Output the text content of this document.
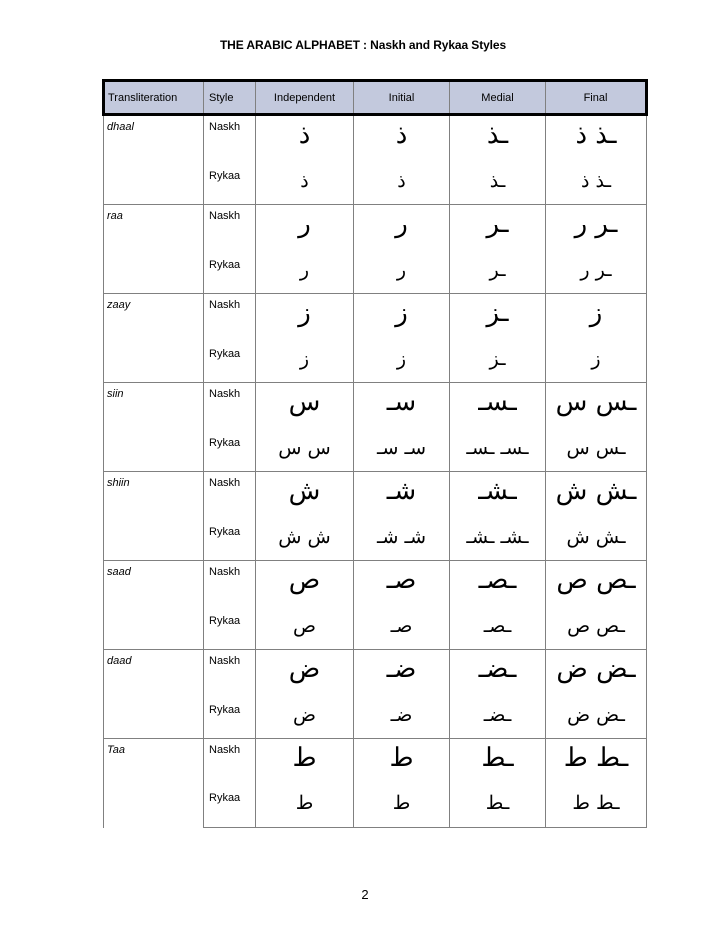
THE ARABIC ALPHABET : Naskh and Rykaa Styles
Transliteration	Style	Independent	Initial	Medial	Final
dhaal	Naskh	ذ	ذ	ـذ	ـذ ذ
	Rykaa	ذ	ذ	ـذ	ـذ ذ
raa	Naskh	ر	ر	ـر	ـر ر
	Rykaa	ر	ر	ـر	ـر ر
zaay	Naskh	ز	ز	ـز	ز
	Rykaa	ز	ز	ـز	ز
siin	Naskh	س	سـ	ـسـ	ـس س
	Rykaa	س س	سـ سـ	ـسـ ـسـ	ـس س
shiin	Naskh	ش	شـ	ـشـ	ـش ش
	Rykaa	ش ش	شـ شـ	ـشـ ـشـ	ـش ش
saad	Naskh	ص	صـ	ـصـ	ـص ص
	Rykaa	ص	صـ	ـصـ	ـص ص
daad	Naskh	ض	ضـ	ـضـ	ـض ض
	Rykaa	ض	ضـ	ـضـ	ـض ض
Taa	Naskh	ط	ط	ـط	ـط ط
	Rykaa	ط	ط	ـط	ـط ط
2
